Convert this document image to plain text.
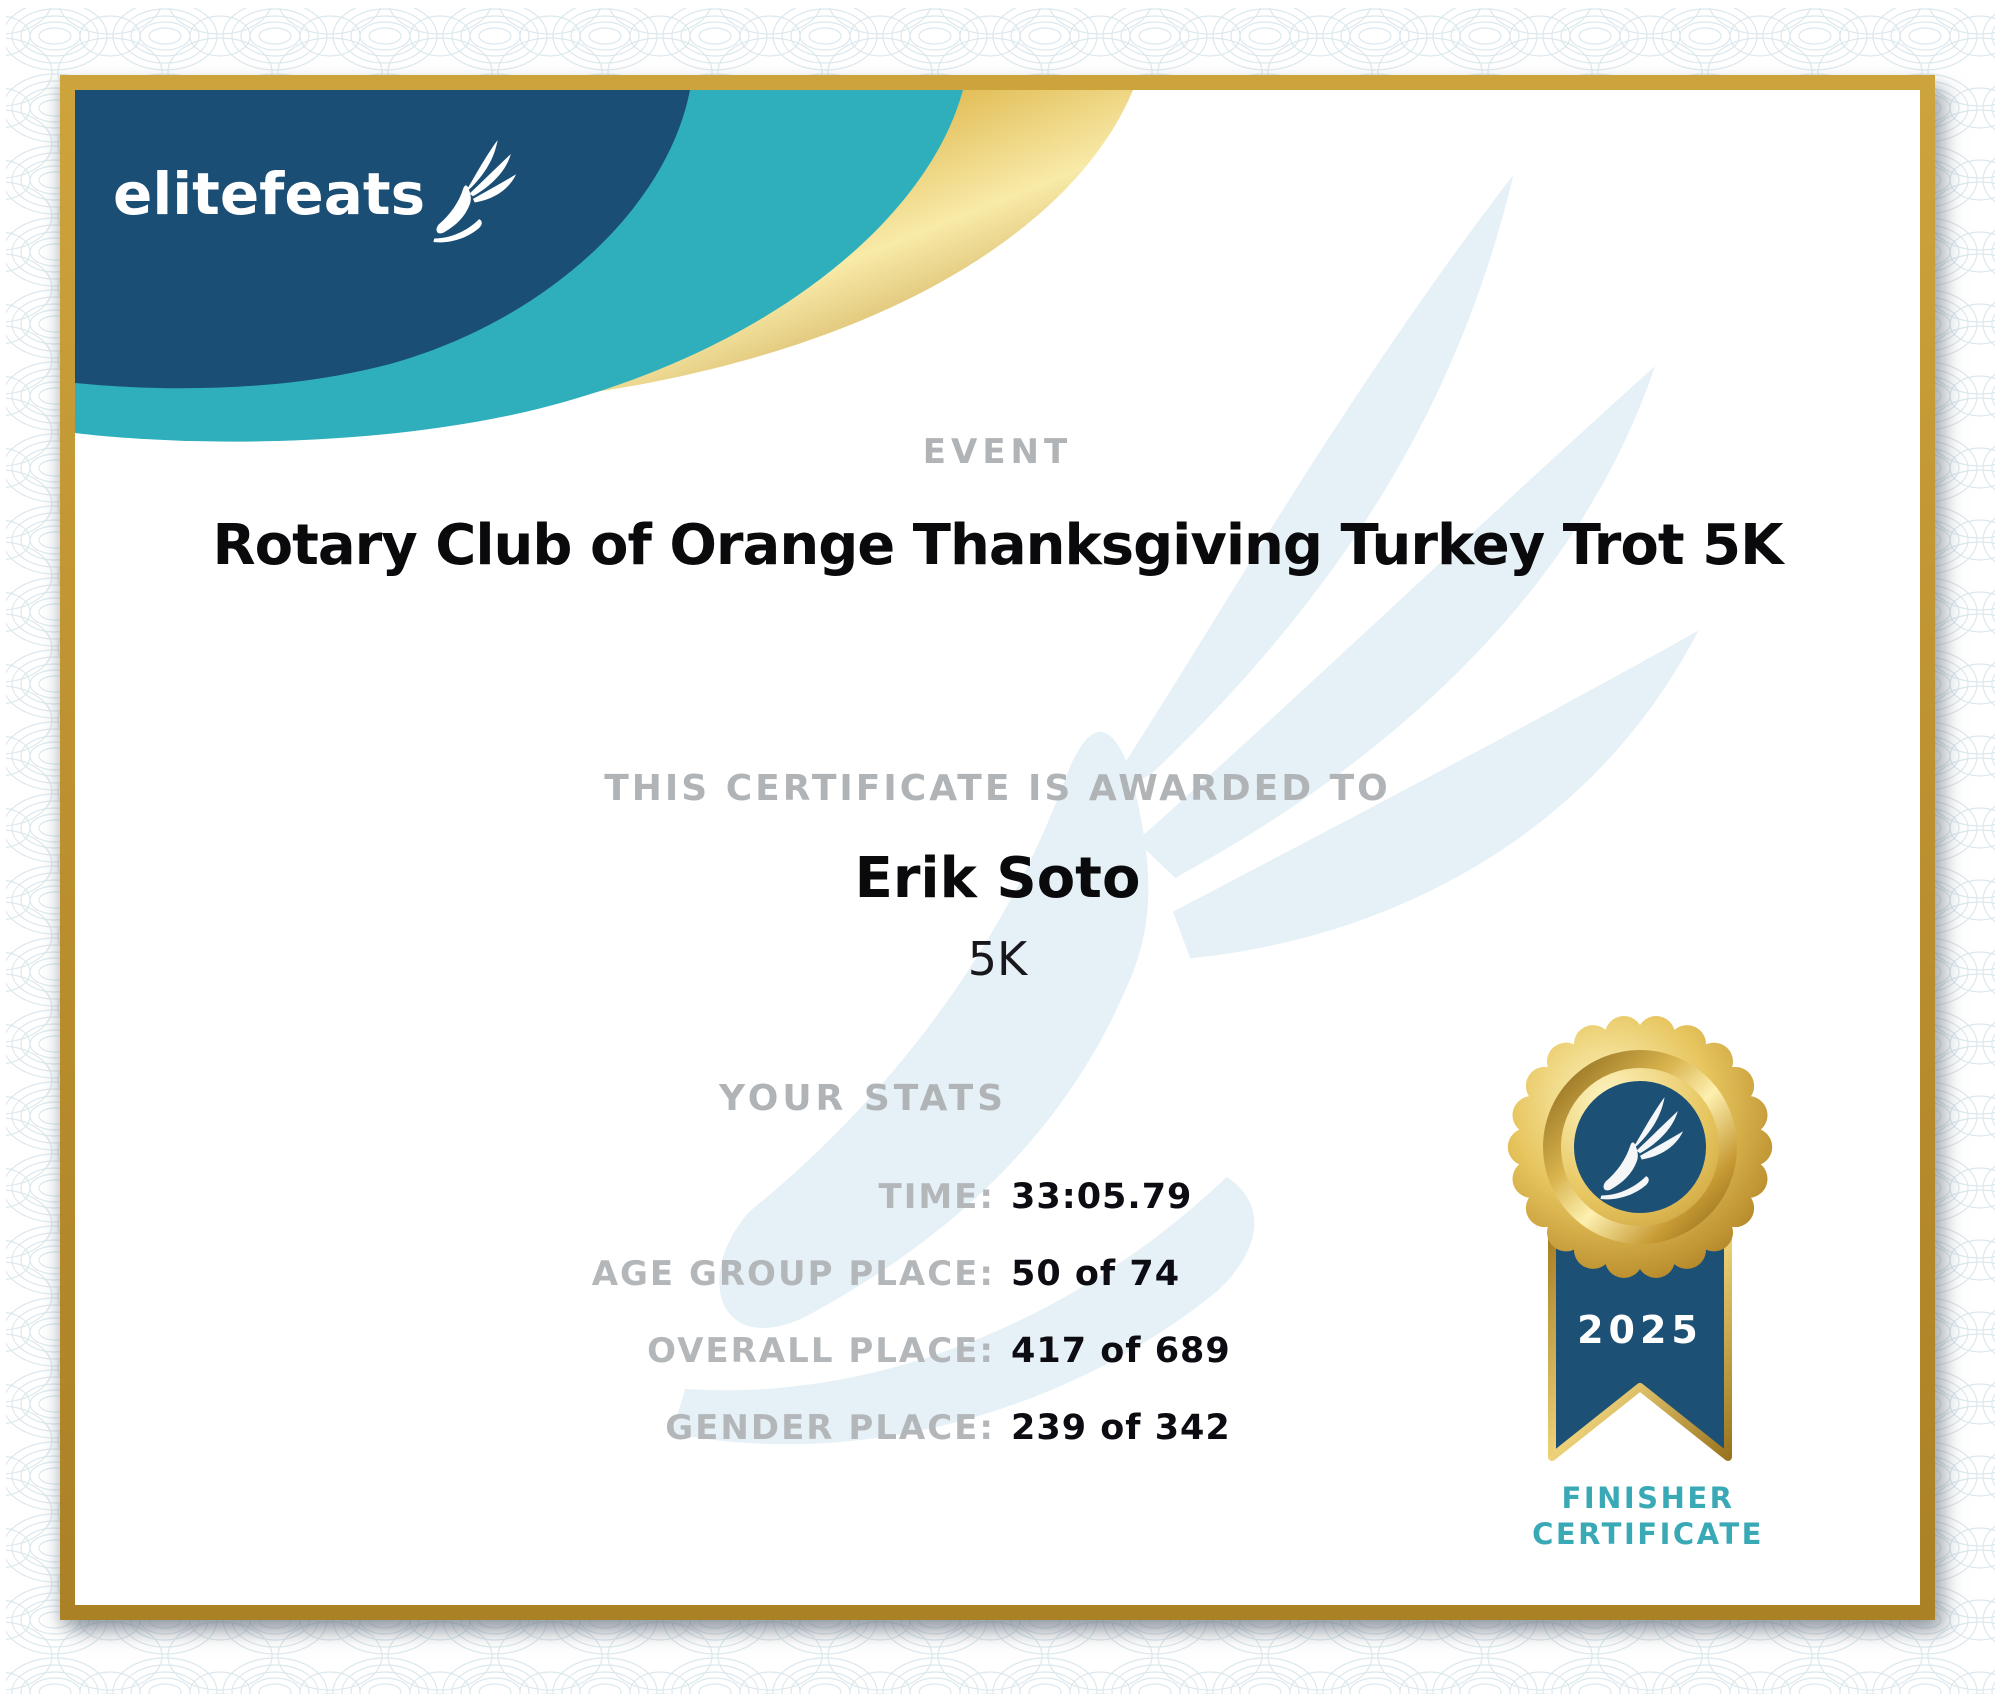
elitefeats
EVENT
Rotary Club of Orange Thanksgiving Turkey Trot 5K
THIS CERTIFICATE IS AWARDED TO
Erik Soto
5K
YOUR STATS
TIME: 33:05.79
AGE GROUP PLACE: 50 of 74
OVERALL PLACE: 417 of 689
GENDER PLACE: 239 of 342
2025
FINISHER
CERTIFICATE
